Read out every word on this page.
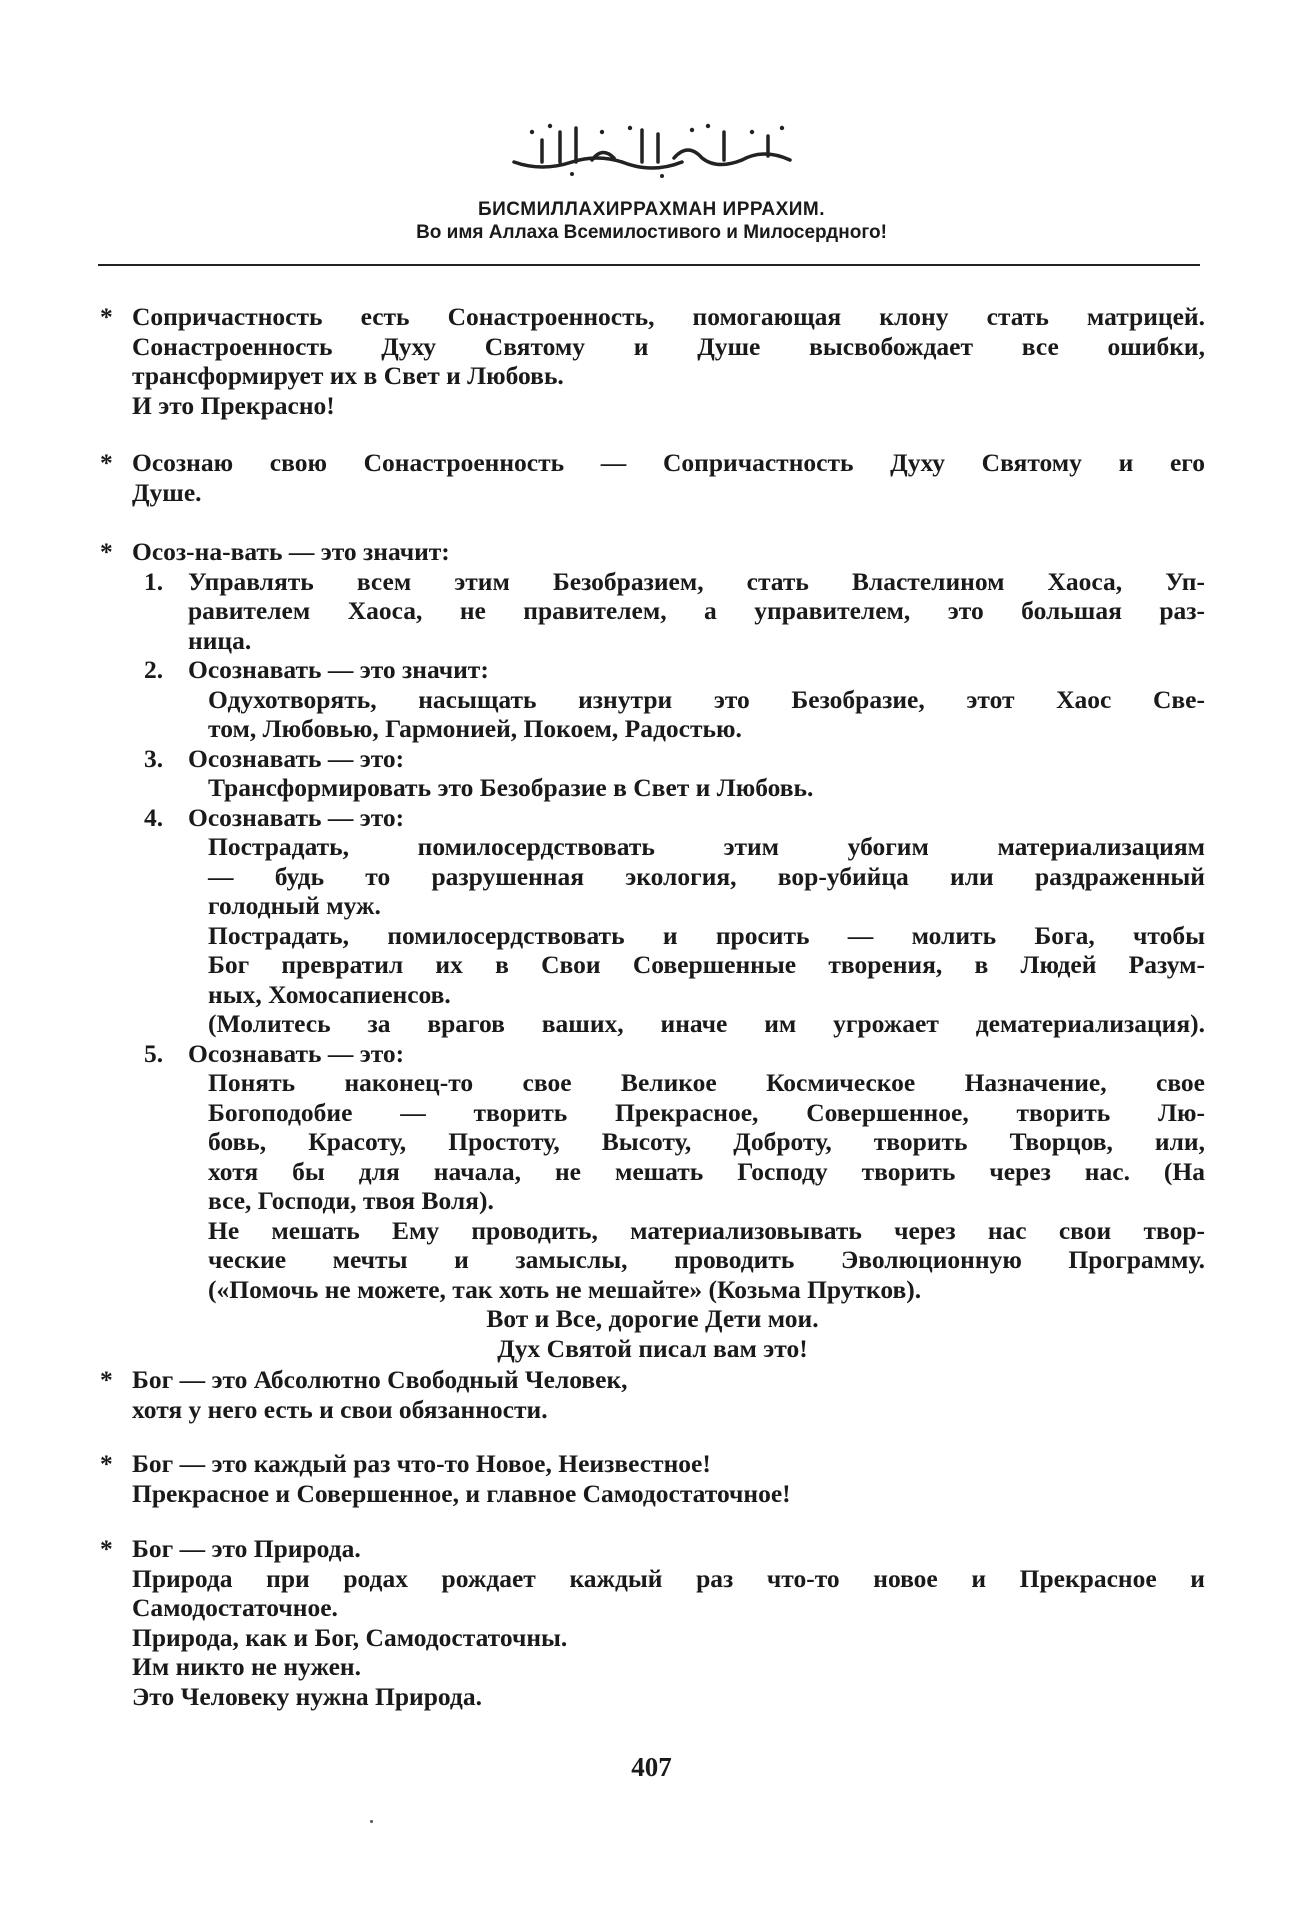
БИСМИЛЛАХИРРАХМАН ИРРАХИМ.
Во имя Аллаха Всемилостивого и Милосердного!
* Сопричастность есть Сонастроенность, помогающая клону стать матрицей.
Сонастроенность Духу Святому и Душе высвобождает все ошибки,
трансформирует их в Свет и Любовь.
И это Прекрасно!
* Осознаю свою Сонастроенность — Сопричастность Духу Святому и его
Душе.
* Осоз-на-вать — это значит:
1. Управлять всем этим Безобразием, стать Властелином Хаоса, Уп-
равителем Хаоса, не правителем, а управителем, это большая раз-
ница.
2. Осознавать — это значит:
Одухотворять, насыщать изнутри это Безобразие, этот Хаос Све-
том, Любовью, Гармонией, Покоем, Радостью.
3. Осознавать — это:
Трансформировать это Безобразие в Свет и Любовь.
4. Осознавать — это:
Пострадать, помилосердствовать этим убогим материализациям
— будь то разрушенная экология, вор-убийца или раздраженный
голодный муж.
Пострадать, помилосердствовать и просить — молить Бога, чтобы
Бог превратил их в Свои Совершенные творения, в Людей Разум-
ных, Хомосапиенсов.
(Молитесь за врагов ваших, иначе им угрожает дематериализация).
5. Осознавать — это:
Понять наконец-то свое Великое Космическое Назначение, свое
Богоподобие — творить Прекрасное, Совершенное, творить Лю-
бовь, Красоту, Простоту, Высоту, Доброту, творить Творцов, или,
хотя бы для начала, не мешать Господу творить через нас. (На
все, Господи, твоя Воля).
Не мешать Ему проводить, материализовывать через нас свои твор-
ческие мечты и замыслы, проводить Эволюционную Программу.
(«Помочь не можете, так хоть не мешайте» (Козьма Прутков).
Вот и Все, дорогие Дети мои.
Дух Святой писал вам это!
* Бог — это Абсолютно Свободный Человек,
хотя у него есть и свои обязанности.
* Бог — это каждый раз что-то Новое, Неизвестное!
Прекрасное и Совершенное, и главное Самодостаточное!
* Бог — это Природа.
Природа при родах рождает каждый раз что-то новое и Прекрасное и
Самодостаточное.
Природа, как и Бог, Самодостаточны.
Им никто не нужен.
Это Человеку нужна Природа.
407
